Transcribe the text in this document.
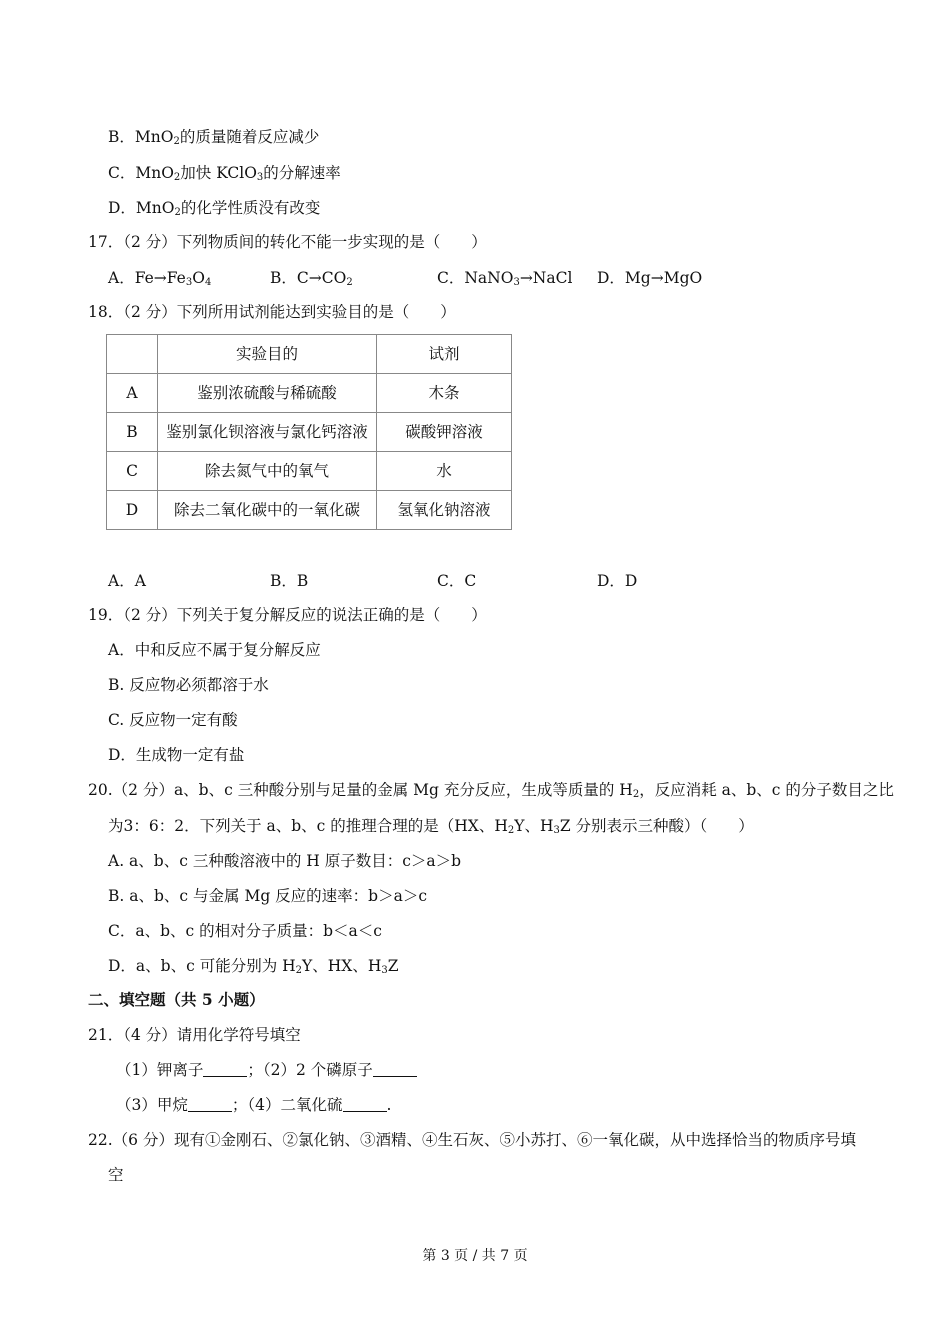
B．MnO$_2$的质量随着反应减少
C．MnO$_2$加快 KClO$_3$的分解速率
D．MnO$_2$的化学性质没有改变
17．（2 分）下列物质间的转化不能一步实现的是（　　）
A．$Fe\to Fe_3O_4$	B．$C\to CO_2$	C．NaNO$_3$→NaCl D．Mg→MgO
18．（2 分）下列所用试剂能达到实验目的是（　　）
	实验目的	试剂
A	鉴别浓硫酸与稀硫酸	木条
B	鉴别氯化钡溶液与氯化钙溶液	碳酸钾溶液
C	除去氮气中的氧气	水
D	除去二氧化碳中的一氧化碳	氢氧化钠溶液
A．A	B．B	C．C	D．D
19．（2 分）下列关于复分解反应的说法正确的是（　　）
A．中和反应不属于复分解反应
B. 反应物必须都溶于水
C. 反应物一定有酸
D．生成物一定有盐
20.（2 分）a、b、c 三种酸分别与足量的金属 Mg 充分反应，生成等质量的 $H_2$，反应消耗 a、b、c 的分子数目之比
为3：6：2．下列关于 a、b、c 的推理合理的是（HX、$H_2Y$、$H_3Z$ 分别表示三种酸）（　　）
A. a、b、c 三种酸溶液中的 H 原子数目：c＞a＞b
B. a、b、c 与金属 Mg 反应的速率：b＞a＞c
C．a、b、c 的相对分子质量：b＜a＜c
D．a、b、c 可能分别为 $H_2Y$、HX、$H_3Z$
二、填空题（共 5 小题）
21．（4 分）请用化学符号填空
（1）钾离子	；（2）2 个磷原子
（3）甲烷	；（4）二氧化硫	.
22.（6 分）现有①金刚石、②氯化钠、③酒精、④生石灰、⑤小苏打、⑥一氧化碳，从中选择恰当的物质序号填
空
第 3 页 / 共 7 页
